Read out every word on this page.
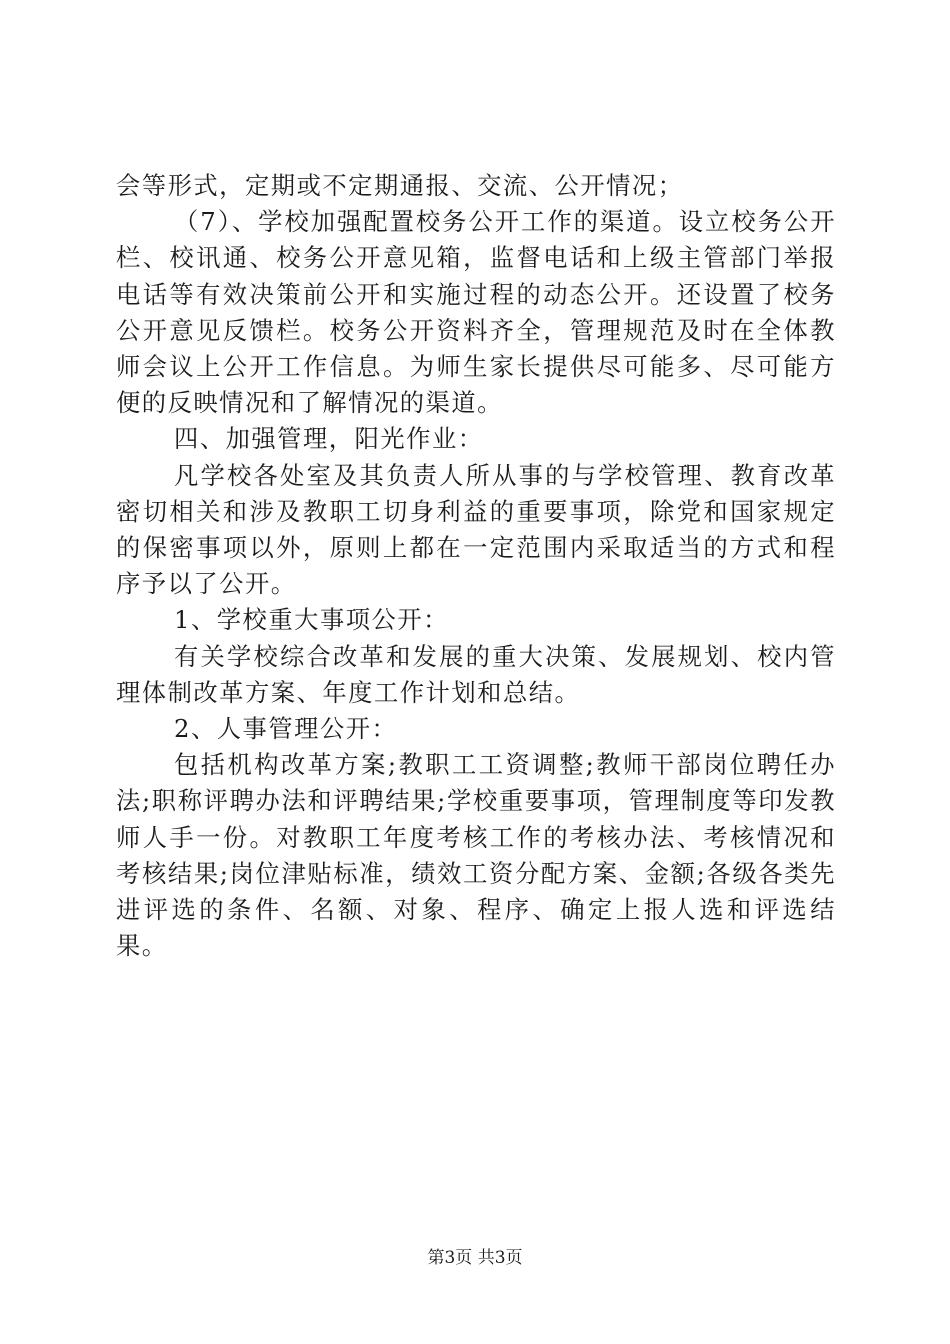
会等形式，定期或不定期通报、交流、公开情况；

（7）、学校加强配置校务公开工作的渠道。设立校务公开栏、校讯通、校务公开意见箱，监督电话和上级主管部门举报电话等有效决策前公开和实施过程的动态公开。还设置了校务公开意见反馈栏。校务公开资料齐全，管理规范及时在全体教师会议上公开工作信息。为师生家长提供尽可能多、尽可能方便的反映情况和了解情况的渠道。

四、加强管理，阳光作业：

凡学校各处室及其负责人所从事的与学校管理、教育改革密切相关和涉及教职工切身利益的重要事项，除党和国家规定的保密事项以外，原则上都在一定范围内采取适当的方式和程序予以了公开。

1、学校重大事项公开：

有关学校综合改革和发展的重大决策、发展规划、校内管理体制改革方案、年度工作计划和总结。

2、人事管理公开：

包括机构改革方案;教职工工资调整;教师干部岗位聘任办法;职称评聘办法和评聘结果;学校重要事项，管理制度等印发教师人手一份。对教职工年度考核工作的考核办法、考核情况和考核结果;岗位津贴标准，绩效工资分配方案、金额;各级各类先进评选的条件、名额、对象、程序、确定上报人选和评选结果。

第3页 共3页
